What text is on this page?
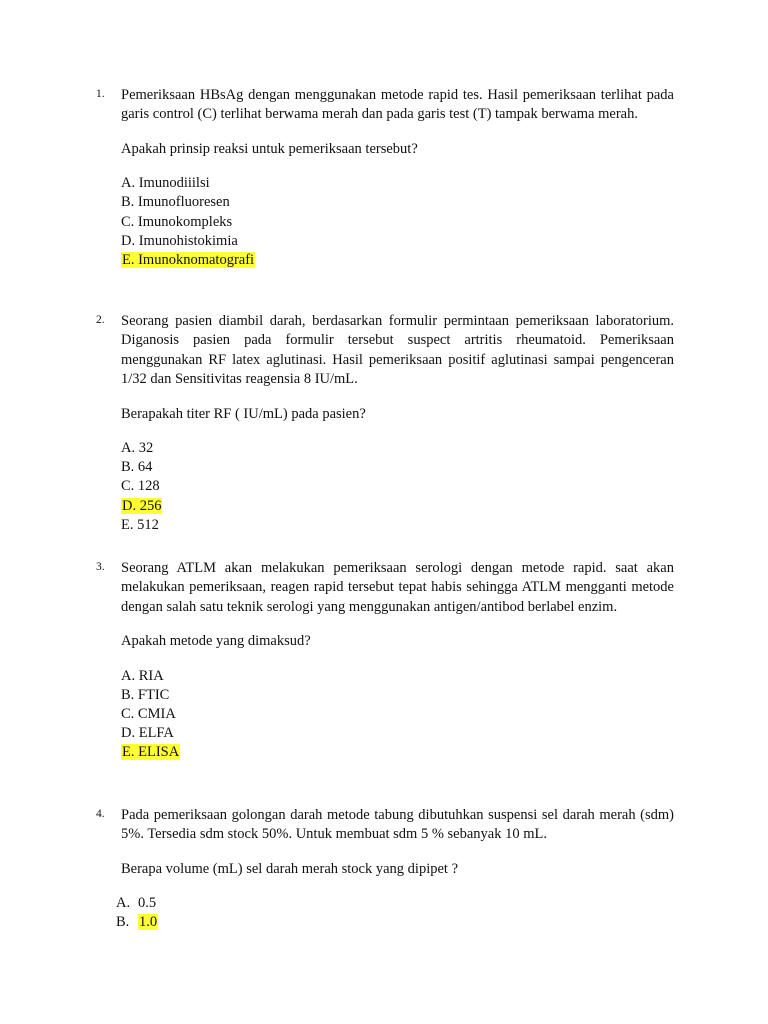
1.	Pemeriksaan HBsAg dengan menggunakan metode rapid tes. Hasil pemeriksaan terlihat pada garis control (C) terlihat berwama merah dan pada garis test (T) tampak berwama merah.

Apakah prinsip reaksi untuk pemeriksaan tersebut?

A. Imunodiiilsi
B. Imunofluoresen
C. Imunokompleks
D. Imunohistokimia
E. Imunoknomatografi
2.	Seorang pasien diambil darah, berdasarkan formulir permintaan pemeriksaan laboratorium. Diganosis pasien pada formulir tersebut suspect artritis rheumatoid. Pemeriksaan menggunakan RF latex aglutinasi. Hasil pemeriksaan positif aglutinasi sampai pengenceran 1/32 dan Sensitivitas reagensia 8 IU/mL.

Berapakah titer RF ( IU/mL) pada pasien?

A. 32
B. 64
C. 128
D. 256
E. 512
3.	Seorang ATLM akan melakukan pemeriksaan serologi dengan metode rapid. saat akan melakukan pemeriksaan, reagen rapid tersebut tepat habis sehingga ATLM mengganti metode dengan salah satu teknik serologi yang menggunakan antigen/antibod berlabel enzim.

Apakah metode yang dimaksud?

A. RIA
B. FTIC
C. CMIA
D. ELFA
E. ELISA
4.	Pada pemeriksaan golongan darah metode tabung dibutuhkan suspensi sel darah merah (sdm) 5%. Tersedia sdm stock 50%. Untuk membuat sdm 5 % sebanyak 10 mL.

Berapa volume (mL) sel darah merah stock yang dipipet ?

A. 0.5
B. 1.0
